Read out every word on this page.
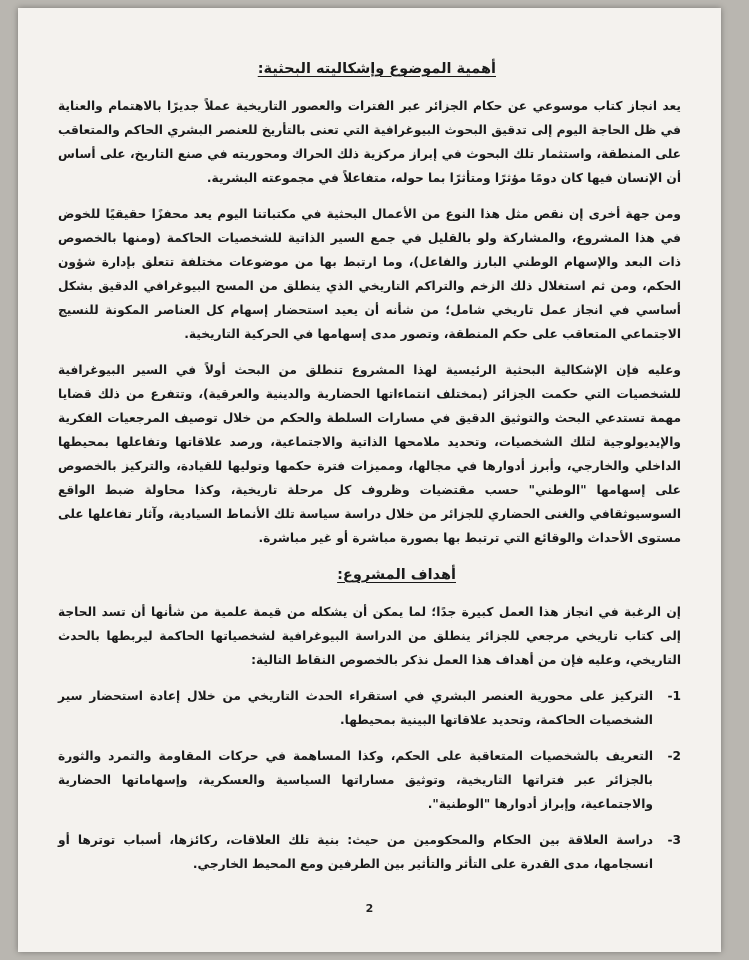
أهمية الموضوع وإشكاليته البحثية:

يعد انجاز كتاب موسوعي عن حكام الجزائر عبر الفترات والعصور التاريخية عملاً جديرًا بالاهتمام والعناية في ظل الحاجة اليوم إلى تدقيق البحوث البيوغرافية التي تعنى بالتأريخ للعنصر البشري الحاكم والمتعاقب على المنطقة، واستثمار تلك البحوث في إبراز مركزية ذلك الحراك ومحوريته في صنع التاريخ، على أساس أن الإنسان فيها كان دومًا مؤثرًا ومتأثرًا بما حوله، متفاعلاً في مجموعته البشرية.

ومن جهة أخرى إن نقص مثل هذا النوع من الأعمال البحثية في مكتباتنا اليوم يعد محفزًا حقيقيًا للخوض في هذا المشروع، والمشاركة ولو بالقليل في جمع السير الذاتية للشخصيات الحاكمة (ومنها بالخصوص ذات البعد والإسهام الوطني البارز والفاعل)، وما ارتبط بها من موضوعات مختلفة تتعلق بإدارة شؤون الحكم، ومن ثم استغلال ذلك الزخم والتراكم التاريخي الذي ينطلق من المسح البيوغرافي الدقيق بشكل أساسي في انجاز عمل تاريخي شامل؛ من شأنه أن يعيد استحضار إسهام كل العناصر المكونة للنسيج الاجتماعي المتعاقب على حكم المنطقة، وتصور مدى إسهامها في الحركية التاريخية.

وعليه فإن الإشكالية البحثية الرئيسية لهذا المشروع تنطلق من البحث أولاً في السير البيوغرافية للشخصيات التي حكمت الجزائر (بمختلف انتماءاتها الحضارية والدينية والعرقية)، وتتفرع من ذلك قضايا مهمة تستدعي البحث والتوثيق الدقيق في مسارات السلطة والحكم من خلال توصيف المرجعيات الفكرية والإيديولوجية لتلك الشخصيات، وتحديد ملامحها الذاتية والاجتماعية، ورصد علاقاتها وتفاعلها بمحيطها الداخلي والخارجي، وأبرز أدوارها في مجالها، ومميزات فترة حكمها وتوليها للقيادة، والتركيز بالخصوص على إسهامها "الوطني" حسب مقتضيات وظروف كل مرحلة تاريخية، وكذا محاولة ضبط الواقع السوسيوثقافي والغنى الحضاري للجزائر من خلال دراسة سياسة تلك الأنماط السيادية، وآثار تفاعلها على مستوى الأحداث والوقائع التي ترتبط بها بصورة مباشرة أو غير مباشرة.

أهداف المشروع:

إن الرغبة في انجاز هذا العمل كبيرة جدًا؛ لما يمكن أن يشكله من قيمة علمية من شأنها أن تسد الحاجة إلى كتاب تاريخي مرجعي للجزائر ينطلق من الدراسة البيوغرافية لشخصياتها الحاكمة ليربطها بالحدث التاريخي، وعليه فإن من أهداف هذا العمل نذكر بالخصوص النقاط التالية:

-1
التركيز على محورية العنصر البشري في استقراء الحدث التاريخي من خلال إعادة استحضار سير الشخصيات الحاكمة، وتحديد علاقاتها البينية بمحيطها.
-2
التعريف بالشخصيات المتعاقبة على الحكم، وكذا المساهمة في حركات المقاومة والتمرد والثورة بالجزائر عبر فتراتها التاريخية، وتوثيق مساراتها السياسية والعسكرية، وإسهاماتها الحضارية والاجتماعية، وإبراز أدوارها "الوطنية".
-3
دراسة العلاقة بين الحكام والمحكومين من حيث: بنية تلك العلاقات، ركائزها، أسباب توترها أو انسجامها، مدى القدرة على التأثر والتأثير بين الطرفين ومع المحيط الخارجي.
2
